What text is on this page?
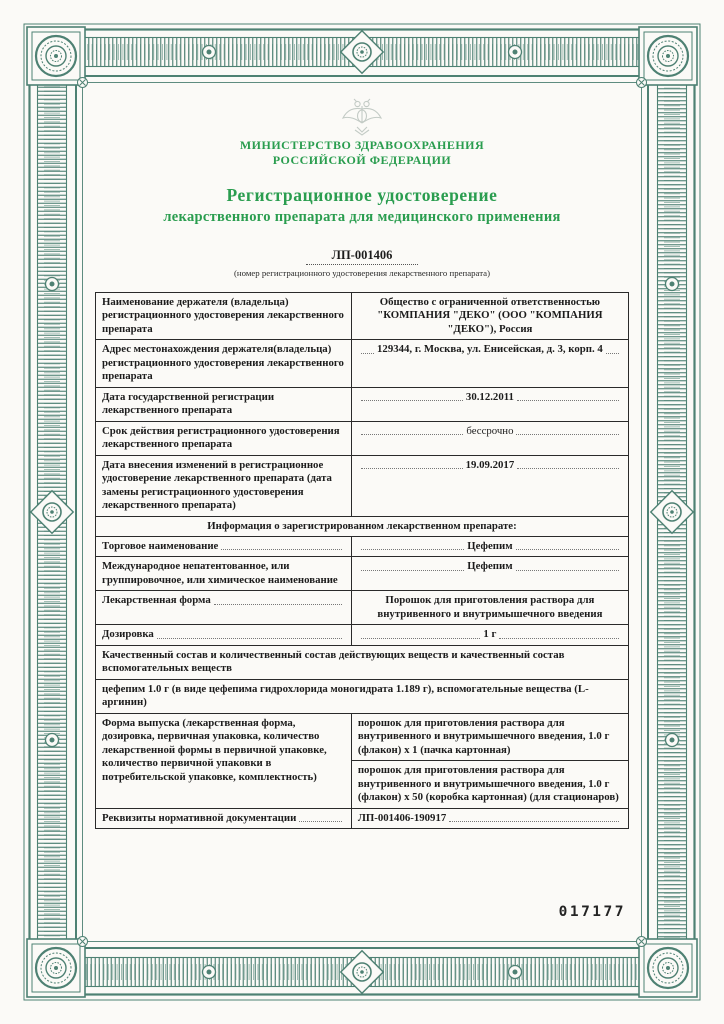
МИНИСТЕРСТВО ЗДРАВООХРАНЕНИЯ
РОССИЙСКОЙ ФЕДЕРАЦИИ
Регистрационное удостоверение
лекарственного препарата для медицинского применения
ЛП-001406
(номер регистрационного удостоверения лекарственного препарата)
Наименование держателя (владельца) регистрационного удостоверения лекарственного препарата	Общество с ограниченной ответственностью "КОМПАНИЯ "ДЕКО" (ООО "КОМПАНИЯ "ДЕКО"), Россия
Адрес местонахождения держателя(владельца) регистрационного удостоверения лекарственного препарата	129344, г. Москва, ул. Енисейская, д. 3, корп. 4

Дата государственной регистрации лекарственного препарата	30.12.2011

Срок действия регистрационного удостоверения лекарственного препарата	бессрочно

Дата внесения изменений в регистрационное удостоверение лекарственного препарата (дата замены регистрационного удостоверения лекарственного препарата)	19.09.2017

Информация о зарегистрированном лекарственном препарате:	

Торговое наименование	Цефепим

Международное непатентованное, или группировочное, или химическое наименование	Цефепим

Лекарственная форма	Порошок для приготовления раствора для внутривенного и внутримышечного введения

Дозировка	1 г

Качественный состав и количественный состав действующих веществ и качественный состав вспомогательных веществ	
цефепим 1.0 г (в виде цефепима гидрохлорида моногидрата 1.189 г), вспомогательные вещества (L-аргинин)	
Форма выпуска (лекарственная форма, дозировка, первичная упаковка, количество лекарственной формы в первичной упаковке, количество первичной упаковки в потребительской упаковке, комплектность)	порошок для приготовления раствора для внутривенного и внутримышечного введения, 1.0 г (флакон) х 1 (пачка картонная)
	порошок для приготовления раствора для внутривенного и внутримышечного введения, 1.0 г (флакон) х 50 (коробка картонная) (для стационаров)

Реквизиты нормативной документации	ЛП-001406-190917
017177
